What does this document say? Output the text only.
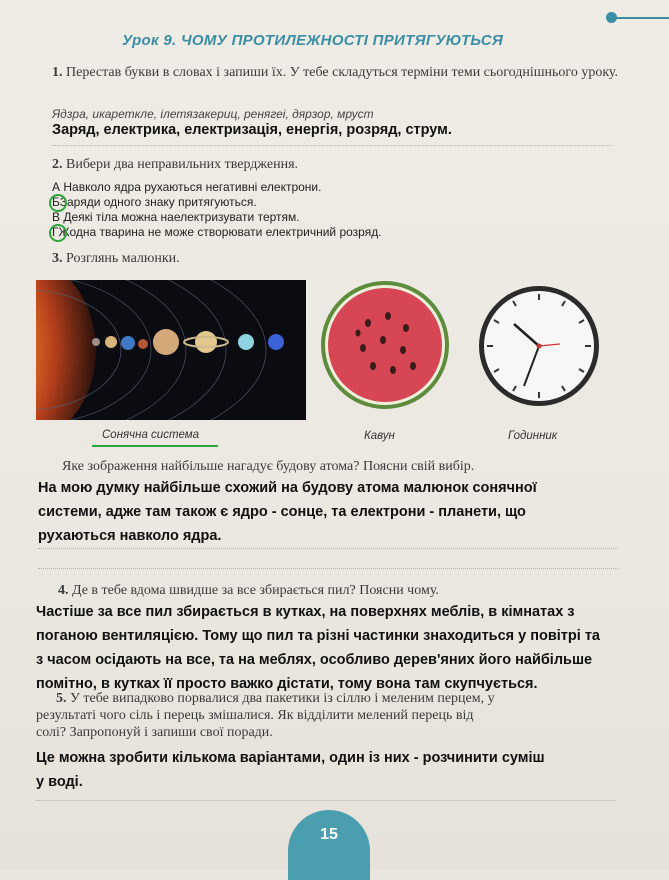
Урок 9. ЧОМУ ПРОТИЛЕЖНОСТІ ПРИТЯГУЮТЬСЯ
1. Перестав букви в словах і запиши їх. У тебе складуться терміни теми сьогоднішнього уроку.
Ядзра, икаретклe, ілетязакериц, ренягеі, дярзор, мруст
Заряд, електрика, електризація, енергія, розряд, струм.
2. Вибери два неправильних твердження.
А Навколо ядра рухаються негативні електрони.
БЗаряди одного знаку притягуються.
В Деякі тіла можна наелектризувати тертям.
ГЖодна тварина не може створювати електричний розряд.
3. Розглянь малюнки.
Сонячна система	Кавун	Годинник
Яке зображення найбільше нагадує будову атома? Поясни свій вибір.
На мою думку найбільше схожий на будову атома малюнок сонячної
системи, адже там також є ядро - сонце, та електрони - планети, що
рухаються навколо ядра.
4. Де в тебе вдома швидше за все збирається пил? Поясни чому.
Частіше за все пил збирається в кутках, на поверхнях меблів, в кімнатах з
поганою вентиляцією. Тому що пил та різні частинки знаходиться у повітрі та
з часом осідають на все, та на меблях, особливо дерев'яних його найбільше
помітно, в кутках її просто важко дістати, тому вона там скупчується.
5. У тебе випадково порвалися два пакетики із сіллю і меленим перцем, у
результаті чого сіль і перець змішалися. Як відділити мелений перець від
солі? Запропонуй і запиши свої поради.
Це можна зробити кількома варіантами, один із них - розчинити суміш
у воді.
15
